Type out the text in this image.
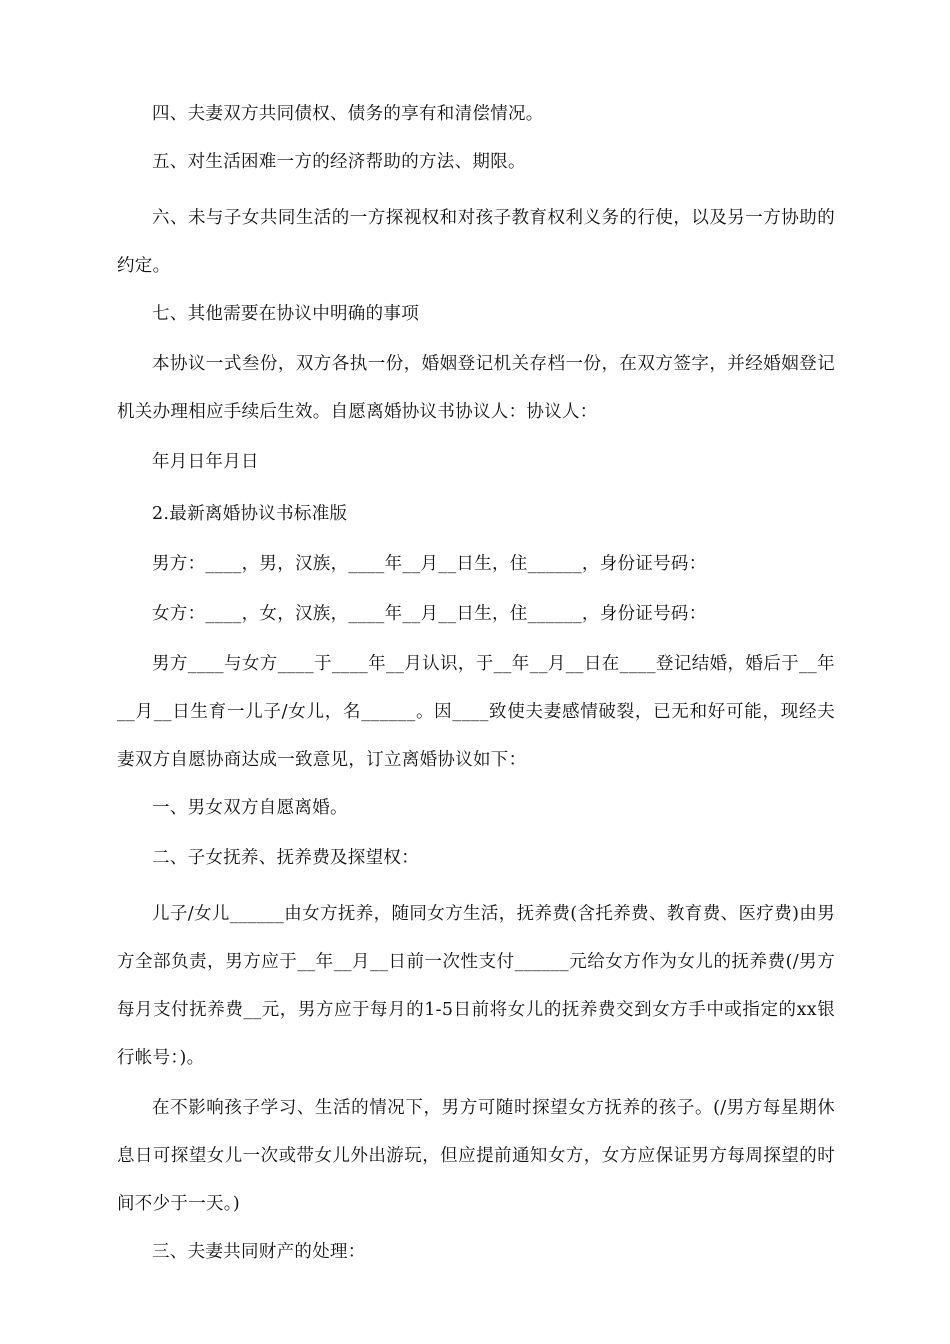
四、夫妻双方共同债权、债务的享有和清偿情况。

五、对生活困难一方的经济帮助的方法、期限。

六、未与子女共同生活的一方探视权和对孩子教育权利义务的行使，以及另一方协助的约定。

七、其他需要在协议中明确的事项

本协议一式叁份，双方各执一份，婚姻登记机关存档一份，在双方签字，并经婚姻登记机关办理相应手续后生效。自愿离婚协议书协议人：协议人：

年月日年月日

2.最新离婚协议书标准版

男方：____，男，汉族，____年__月__日生，住______，身份证号码：

女方：____，女，汉族，____年__月__日生，住______，身份证号码：

男方____与女方____于____年__月认识，于__年__月__日在____登记结婚，婚后于__年__月__日生育一儿子/女儿，名______。因____致使夫妻感情破裂，已无和好可能，现经夫妻双方自愿协商达成一致意见，订立离婚协议如下：

一、男女双方自愿离婚。

二、子女抚养、抚养费及探望权：

儿子/女儿______由女方抚养，随同女方生活，抚养费(含托养费、教育费、医疗费)由男方全部负责，男方应于__年__月__日前一次性支付______元给女方作为女儿的抚养费(/男方每月支付抚养费__元，男方应于每月的1-5日前将女儿的抚养费交到女方手中或指定的xx银行帐号：)。

在不影响孩子学习、生活的情况下，男方可随时探望女方抚养的孩子。(/男方每星期休息日可探望女儿一次或带女儿外出游玩，但应提前通知女方，女方应保证男方每周探望的时间不少于一天。)

三、夫妻共同财产的处理：
